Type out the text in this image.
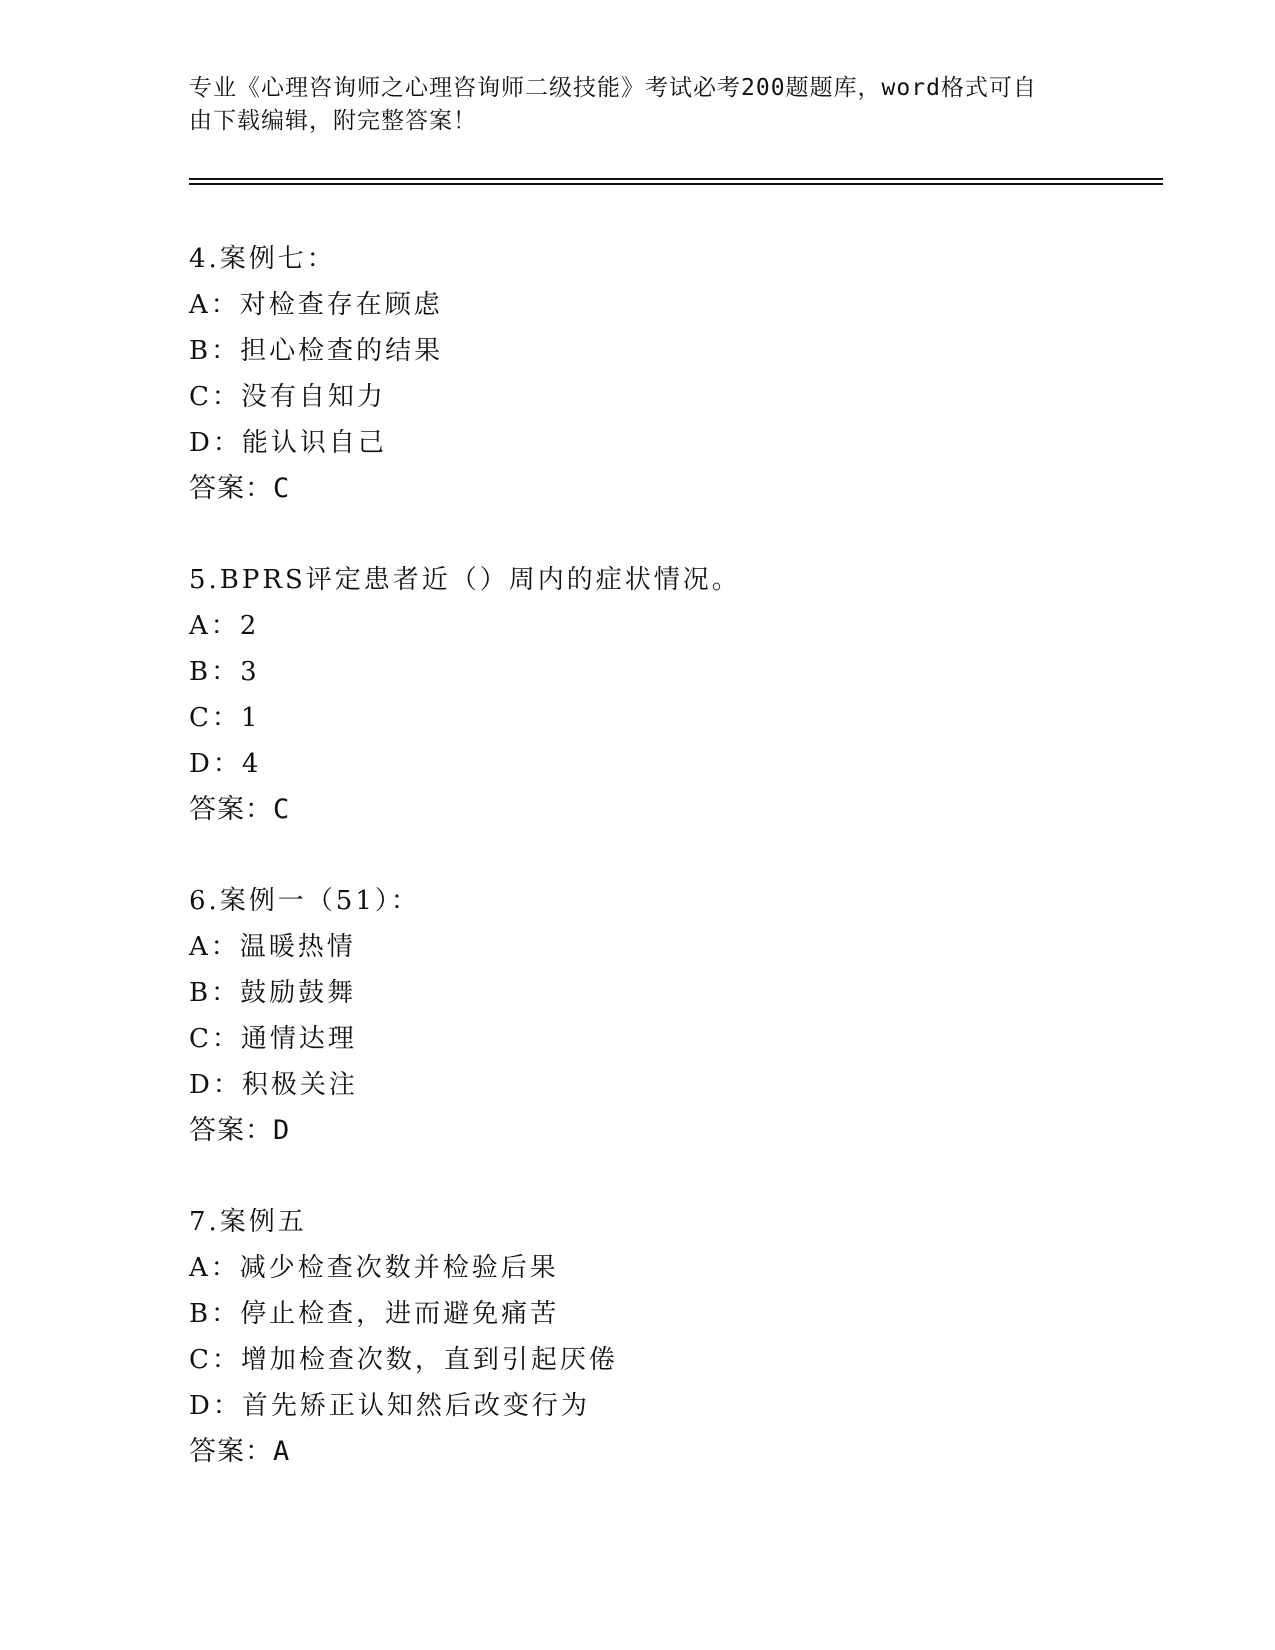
专业《心理咨询师之心理咨询师二级技能》考试必考200题题库，word格式可自

由下载编辑，附完整答案！

4.案例七：
A：对检查存在顾虑
B：担心检查的结果
C：没有自知力
D：能认识自己
答案：C
5.BPRS评定患者近（）周内的症状情况。
A：2
B：3
C：1
D：4
答案：C
6.案例一（51）：
A：温暖热情
B：鼓励鼓舞
C：通情达理
D：积极关注
答案：D
7.案例五
A：减少检查次数并检验后果
B：停止检查，进而避免痛苦
C：增加检查次数，直到引起厌倦
D：首先矫正认知然后改变行为
答案：A
